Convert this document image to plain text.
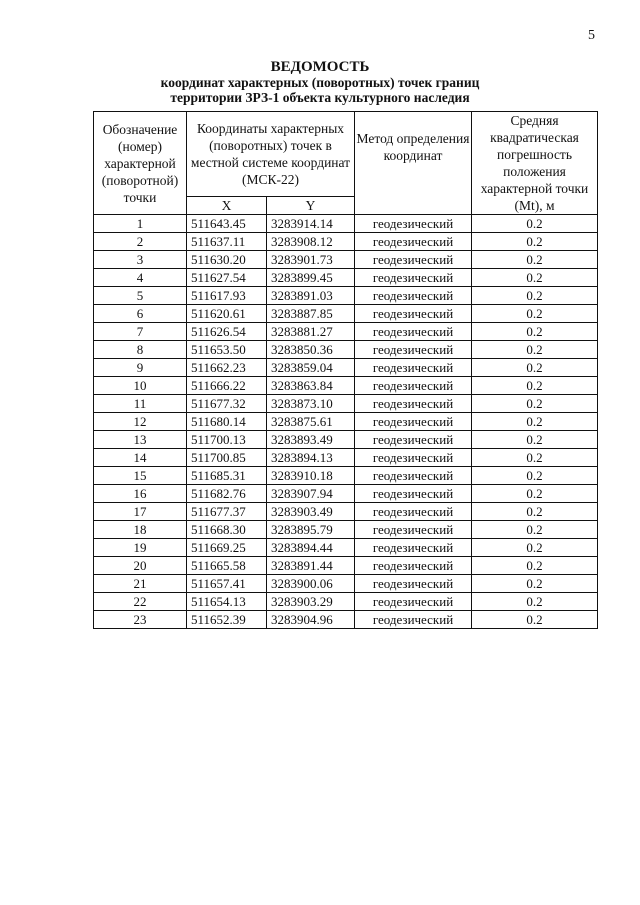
5
ВЕДОМОСТЬ
координат характерных (поворотных) точек границ
территории ЗРЗ-1 объекта культурного наследия
Обозначение (номер) характерной (поворотной) точки	Координаты характерных (поворотных) точек в местной системе координат (МСК-22)		Метод определения координат	Средняя квадратическая погрешность положения характерной точки (Mt), м
	X	Y		
1	511643.45	3283914.14	геодезический	0.2
2	511637.11	3283908.12	геодезический	0.2
3	511630.20	3283901.73	геодезический	0.2
4	511627.54	3283899.45	геодезический	0.2
5	511617.93	3283891.03	геодезический	0.2
6	511620.61	3283887.85	геодезический	0.2
7	511626.54	3283881.27	геодезический	0.2
8	511653.50	3283850.36	геодезический	0.2
9	511662.23	3283859.04	геодезический	0.2
10	511666.22	3283863.84	геодезический	0.2
11	511677.32	3283873.10	геодезический	0.2
12	511680.14	3283875.61	геодезический	0.2
13	511700.13	3283893.49	геодезический	0.2
14	511700.85	3283894.13	геодезический	0.2
15	511685.31	3283910.18	геодезический	0.2
16	511682.76	3283907.94	геодезический	0.2
17	511677.37	3283903.49	геодезический	0.2
18	511668.30	3283895.79	геодезический	0.2
19	511669.25	3283894.44	геодезический	0.2
20	511665.58	3283891.44	геодезический	0.2
21	511657.41	3283900.06	геодезический	0.2
22	511654.13	3283903.29	геодезический	0.2
23	511652.39	3283904.96	геодезический	0.2
